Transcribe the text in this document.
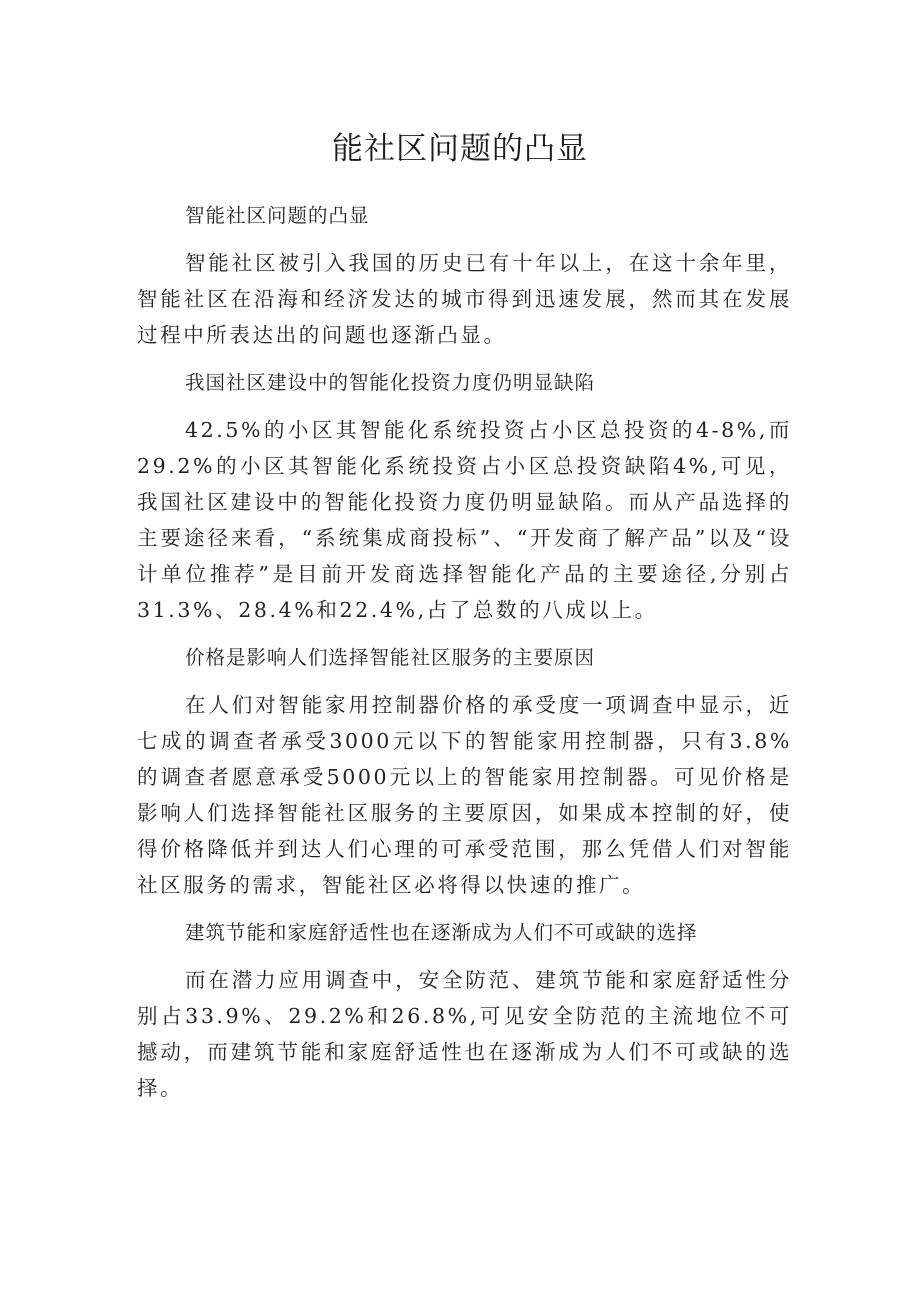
能社区问题的凸显

智能社区问题的凸显

智能社区被引入我国的历史已有十年以上，在这十余年里，智能社区在沿海和经济发达的城市得到迅速发展，然而其在发展过程中所表达出的问题也逐渐凸显。

我国社区建设中的智能化投资力度仍明显缺陷

42.5%的小区其智能化系统投资占小区总投资的4-8%,而29.2%的小区其智能化系统投资占小区总投资缺陷4%,可见，我国社区建设中的智能化投资力度仍明显缺陷。而从产品选择的主要途径来看，“系统集成商投标”、“开发商了解产品”以及“设计单位推荐”是目前开发商选择智能化产品的主要途径,分别占31.3%、28.4%和22.4%,占了总数的八成以上。

价格是影响人们选择智能社区服务的主要原因

在人们对智能家用控制器价格的承受度一项调查中显示，近七成的调查者承受3000元以下的智能家用控制器，只有3.8%的调查者愿意承受5000元以上的智能家用控制器。可见价格是影响人们选择智能社区服务的主要原因，如果成本控制的好，使得价格降低并到达人们心理的可承受范围，那么凭借人们对智能社区服务的需求，智能社区必将得以快速的推广。

建筑节能和家庭舒适性也在逐渐成为人们不可或缺的选择

而在潜力应用调查中，安全防范、建筑节能和家庭舒适性分别占33.9%、29.2%和26.8%,可见安全防范的主流地位不可撼动，而建筑节能和家庭舒适性也在逐渐成为人们不可或缺的选择。
